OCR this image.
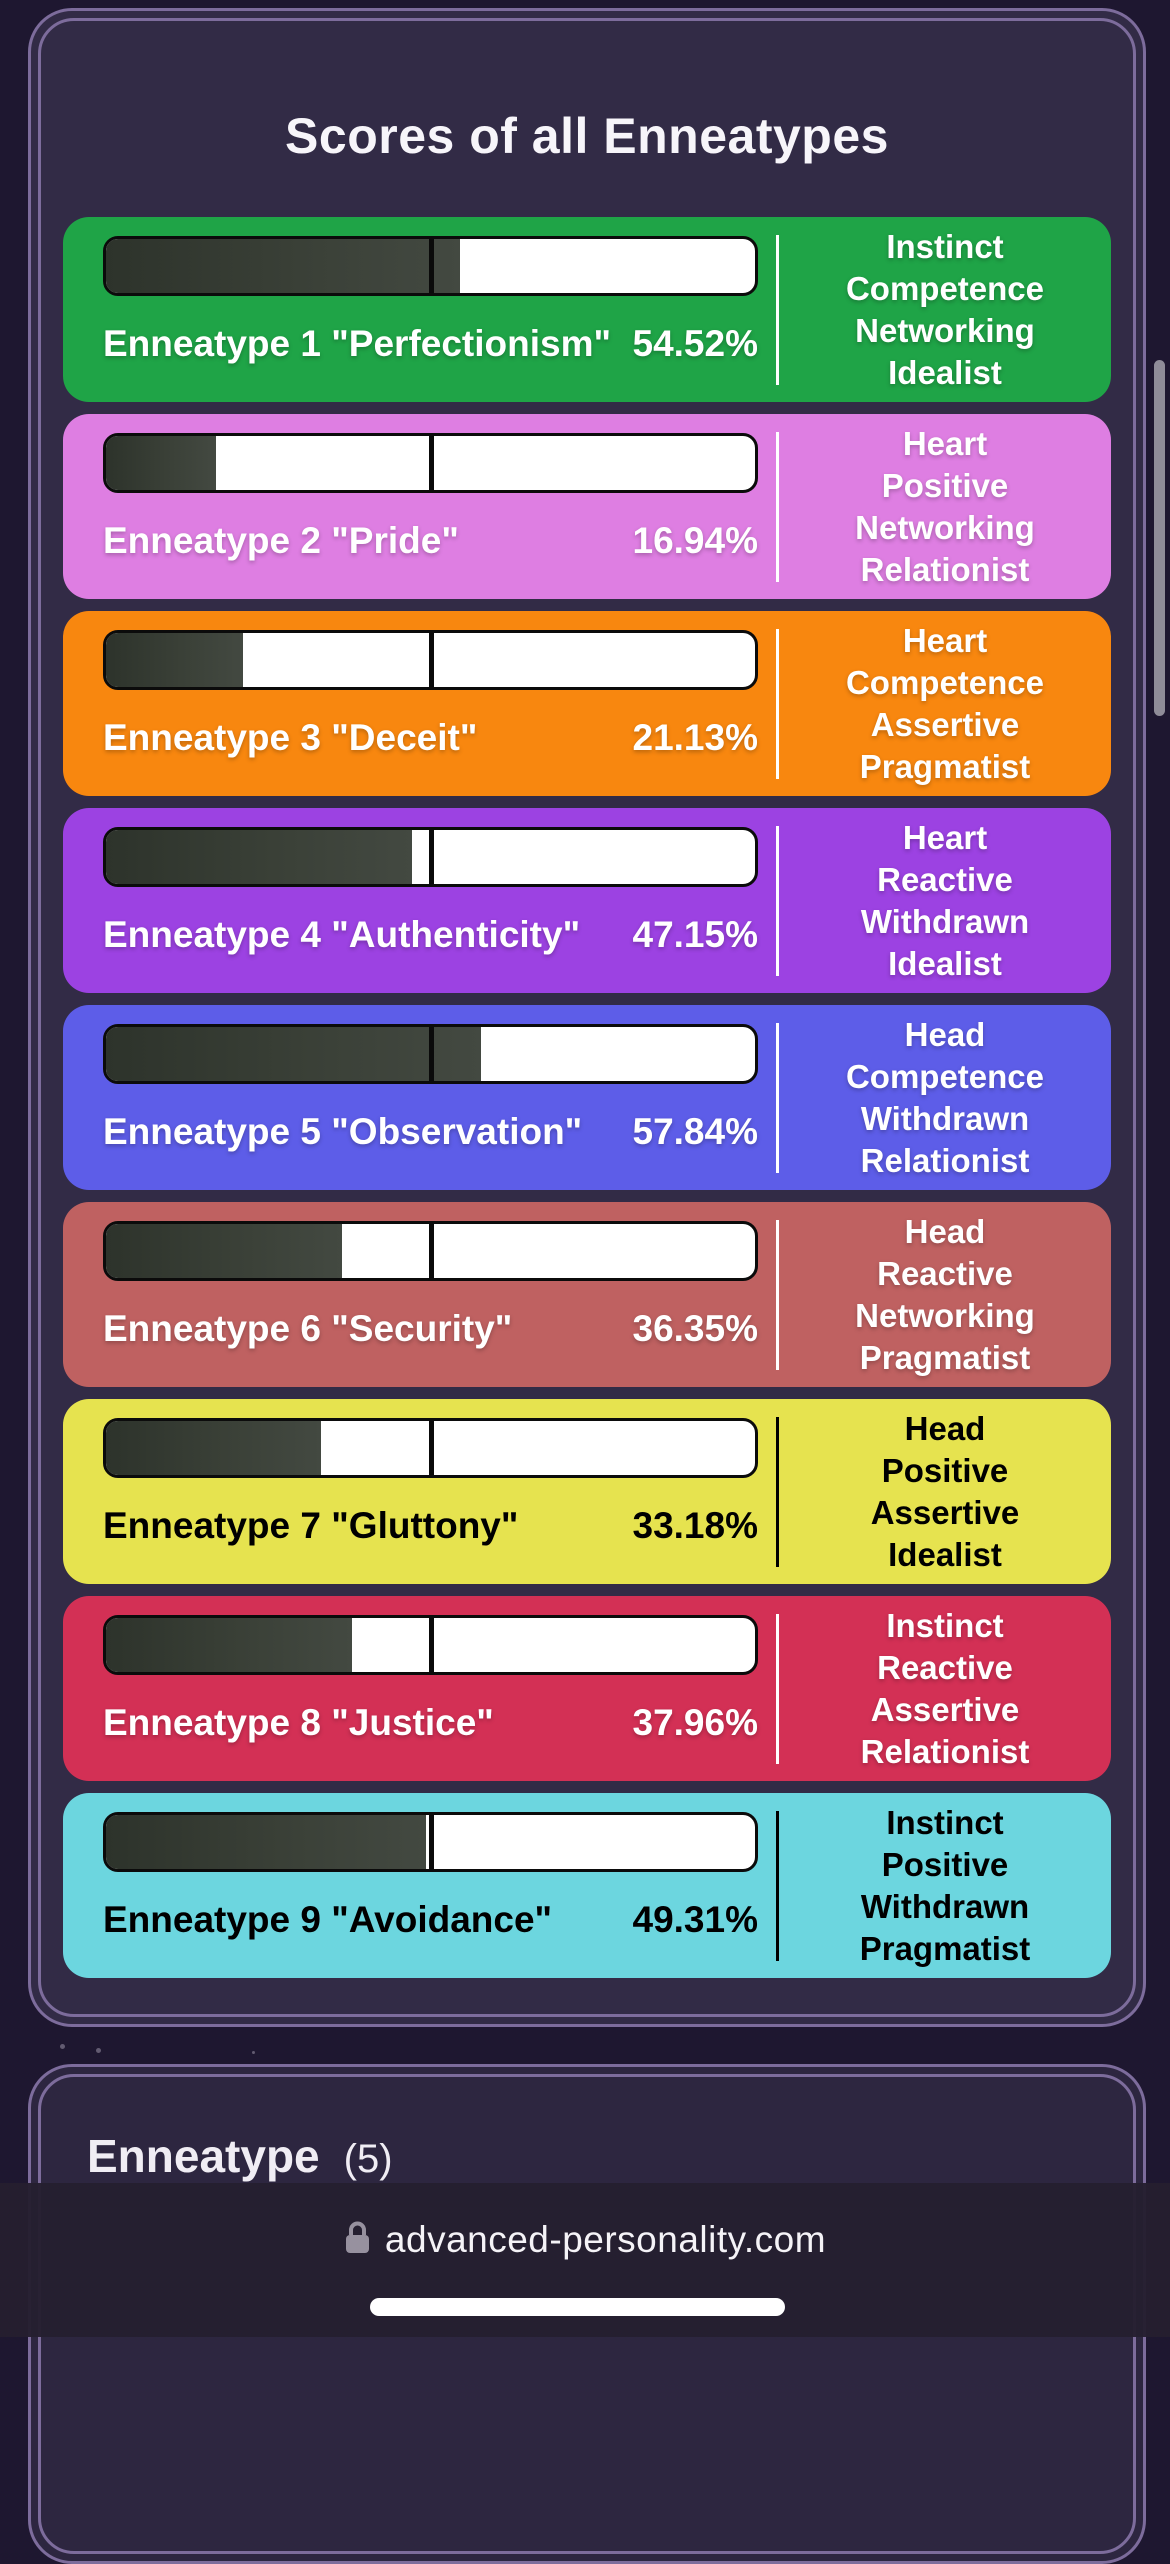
Scores of all Enneatypes
Enneatype 1 "Perfectionism" 54.52%
Instinct
Competence
Networking
Idealist
Enneatype 2 "Pride"	16.94%
Heart
Positive
Networking
Relationist
Enneatype 3 "Deceit"	21.13%
Heart
Competence
Assertive
Pragmatist
Enneatype 4 "Authenticity" 47.15%
Heart
Reactive
Withdrawn
Idealist
Enneatype 5 "Observation" 57.84%
Head
Competence
Withdrawn
Relationist
Enneatype 6 "Security"	36.35%
Head
Reactive
Networking
Pragmatist
Enneatype 7 "Gluttony"	33.18%
Head
Positive
Assertive
Idealist
Enneatype 8 "Justice"	37.96%
Instinct
Reactive
Assertive
Relationist
Enneatype 9 "Avoidance" 49.31%
Instinct
Positive
Withdrawn
Pragmatist
Enneatype (5)
advanced-personality.com
